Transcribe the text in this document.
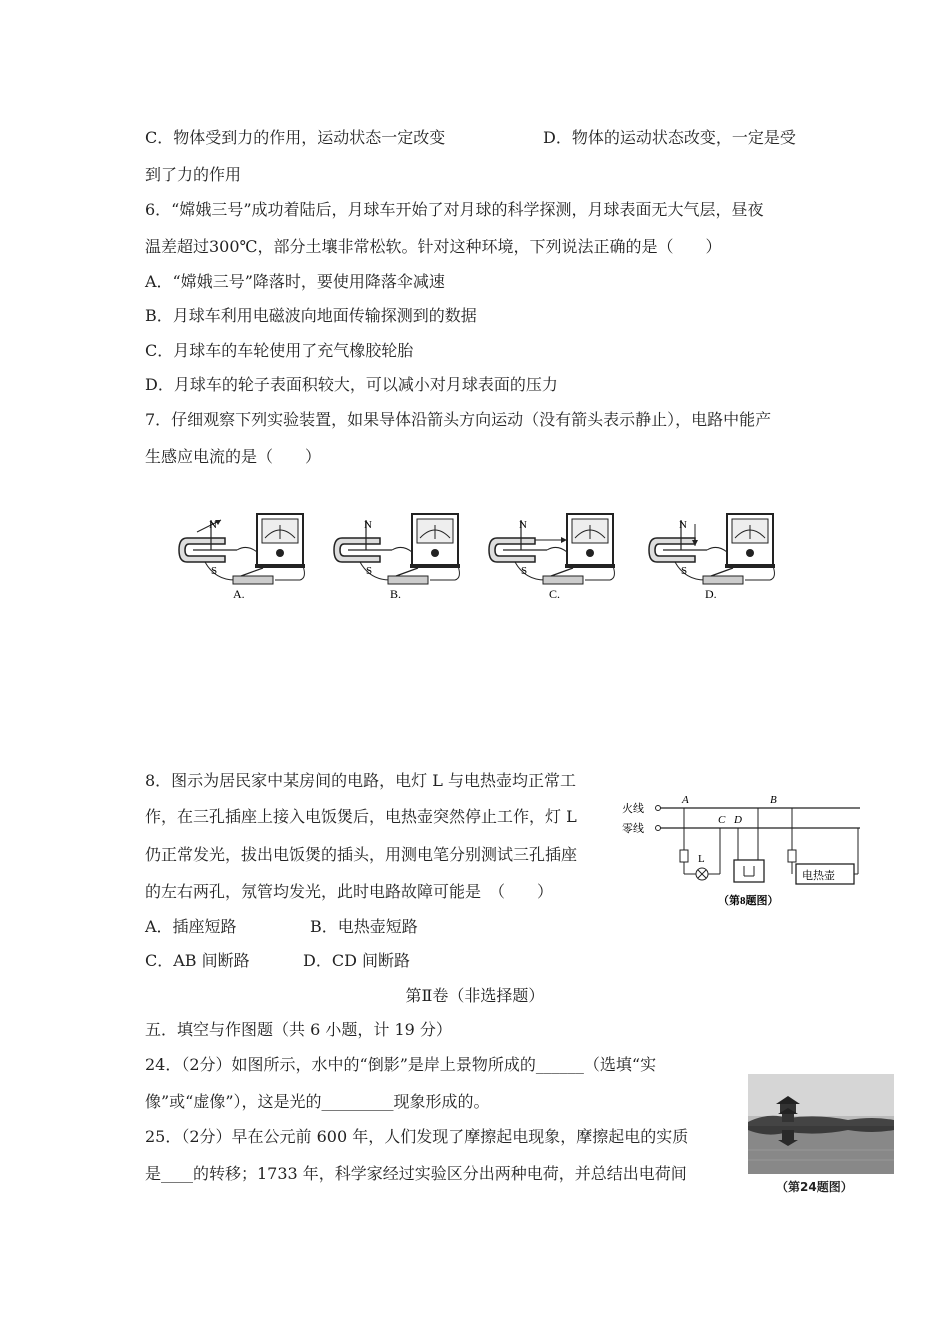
C．物体受到力的作用，运动状态一定改变	D．物体的运动状态改变，一定是受
到了力的作用
6．“嫦娥三号”成功着陆后，月球车开始了对月球的科学探测，月球表面无大气层，昼夜
温差超过300℃，部分土壤非常松软。针对这种环境，下列说法正确的是（　　）
A．“嫦娥三号”降落时，要使用降落伞减速
B．月球车利用电磁波向地面传输探测到的数据
C．月球车的车轮使用了充气橡胶轮胎
D．月球车的轮子表面积较大，可以减小对月球表面的压力
7．仔细观察下列实验装置，如果导体沿箭头方向运动（没有箭头表示静止），电路中能产
生感应电流的是（　　）
N
S
N
S
N
S
N
S
A.	B.	C.	D.
8．图示为居民家中某房间的电路，电灯 L 与电热壶均正常工
作，在三孔插座上接入电饭煲后，电热壶突然停止工作，灯 L
仍正常发光，拔出电饭煲的插头，用测电笔分别测试三孔插座
的左右两孔，氖管均发光，此时电路故障可能是　（　　）
A．插座短路	B．电热壶短路
C．AB 间断路	D．CD 间断路
火线
零线
L
电热壶
A	B
C D
（第8题图）
第Ⅱ卷（非选择题）
五．填空与作图题（共 6 小题，计 19 分）
24．（2分）如图所示，水中的“倒影”是岸上景物所成的______（选填“实
像”或“虚像”），这是光的_________现象形成的。
（第24题图）
25．（2分）早在公元前 600 年，人们发现了摩擦起电现象，摩擦起电的实质
是____的转移；1733 年，科学家经过实验区分出两种电荷，并总结出电荷间
